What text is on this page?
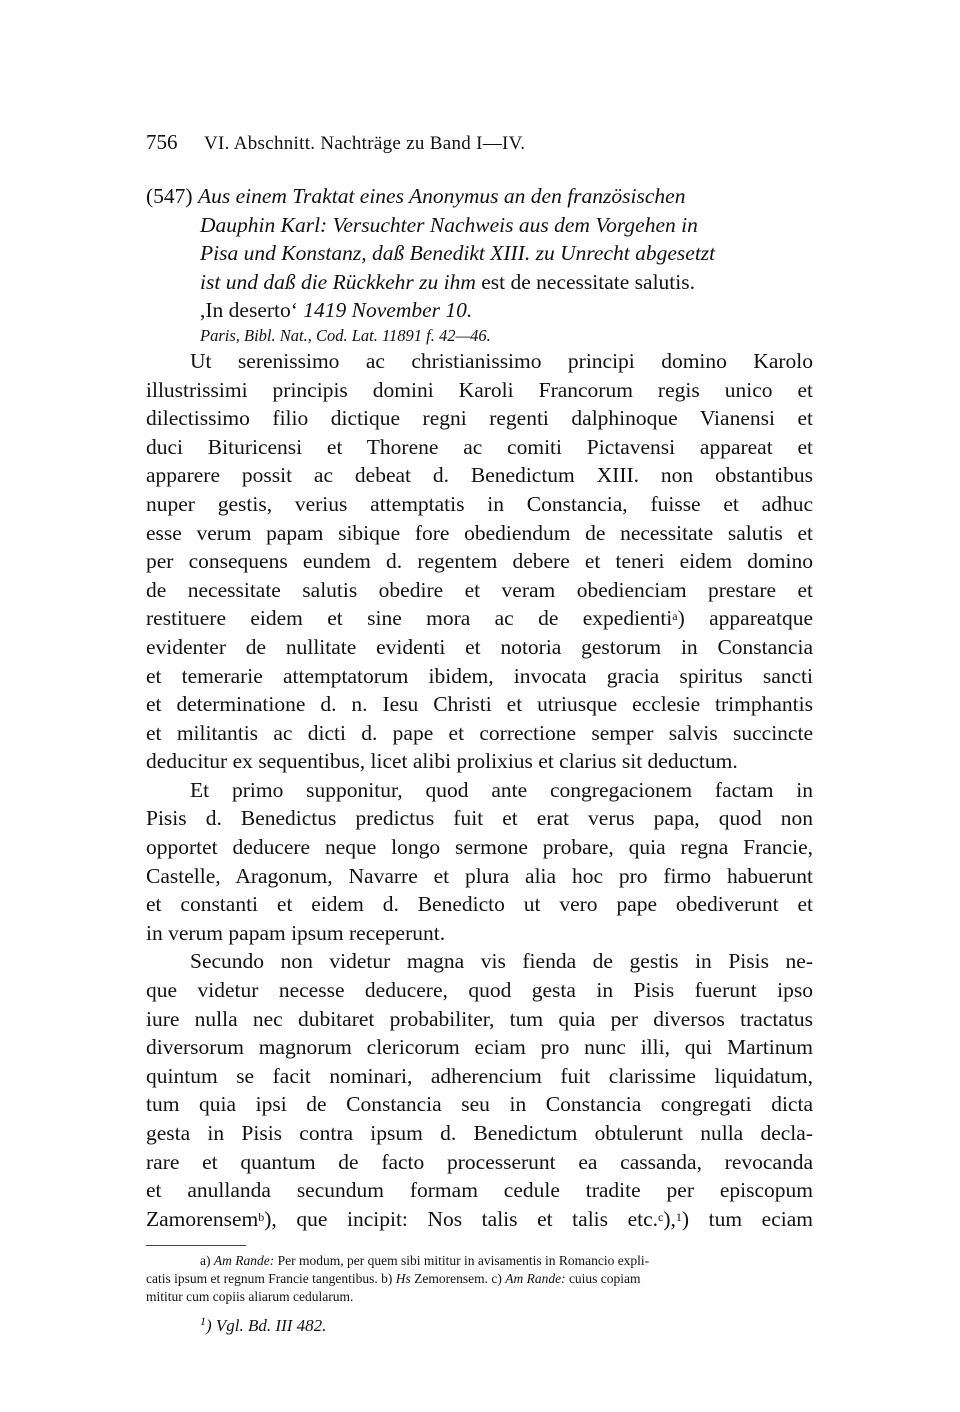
756 VI. Abschnitt. Nachträge zu Band I—IV.
(547) Aus einem Traktat eines Anonymus an den französischen
Dauphin Karl: Versuchter Nachweis aus dem Vorgehen in
Pisa und Konstanz, daß Benedikt XIII. zu Unrecht abgesetzt
ist und daß die Rückkehr zu ihm est de necessitate salutis.
,In deserto‘ 1419 November 10.
Paris, Bibl. Nat., Cod. Lat. 11891 f. 42—46.
Ut serenissimo ac christianissimo principi domino Karolo
illustrissimi principis domini Karoli Francorum regis unico et
dilectissimo filio dictique regni regenti dalphinoque Vianensi et
duci Bituricensi et Thorene ac comiti Pictavensi appareat et
apparere possit ac debeat d. Benedictum XIII. non obstantibus
nuper gestis, verius attemptatis in Constancia, fuisse et adhuc
esse verum papam sibique fore obediendum de necessitate salutis et
per consequens eundem d. regentem debere et teneri eidem domino
de necessitate salutis obedire et veram obedienciam prestare et
restituere eidem et sine mora ac de expedienti$^a$) appareatque
evidenter de nullitate evidenti et notoria gestorum in Constancia
et temerarie attemptatorum ibidem, invocata gracia spiritus sancti
et determinatione d. n. Iesu Christi et utriusque ecclesie trimphantis
et militantis ac dicti d. pape et correctione semper salvis succincte
deducitur ex sequentibus, licet alibi prolixius et clarius sit deductum.
Et primo supponitur, quod ante congregacionem factam in
Pisis d. Benedictus predictus fuit et erat verus papa, quod non
opportet deducere neque longo sermone probare, quia regna Francie,
Castelle, Aragonum, Navarre et plura alia hoc pro firmo habuerunt
et constanti et eidem d. Benedicto ut vero pape obediverunt et
in verum papam ipsum receperunt.
Secundo non videtur magna vis fienda de gestis in Pisis ne-
que videtur necesse deducere, quod gesta in Pisis fuerunt ipso
iure nulla nec dubitaret probabiliter, tum quia per diversos tractatus
diversorum magnorum clericorum eciam pro nunc illi, qui Martinum
quintum se facit nominari, adherencium fuit clarissime liquidatum,
tum quia ipsi de Constancia seu in Constancia congregati dicta
gesta in Pisis contra ipsum d. Benedictum obtulerunt nulla decla-
rare et quantum de facto processerunt ea cassanda, revocanda
et anullanda secundum formam cedule tradite per episcopum
Zamorensem$^b$), que incipit: Nos talis et talis etc.$^c$),$^1$) tum eciam
a) Am Rande: Per modum, per quem sibi mititur in avisamentis in Romancio expli-
catis ipsum et regnum Francie tangentibus. b) Hs Zemorensem. c) Am Rande: cuius copiam
mititur cum copiis aliarum cedularum.
$^1$) Vgl. Bd. III 482.
